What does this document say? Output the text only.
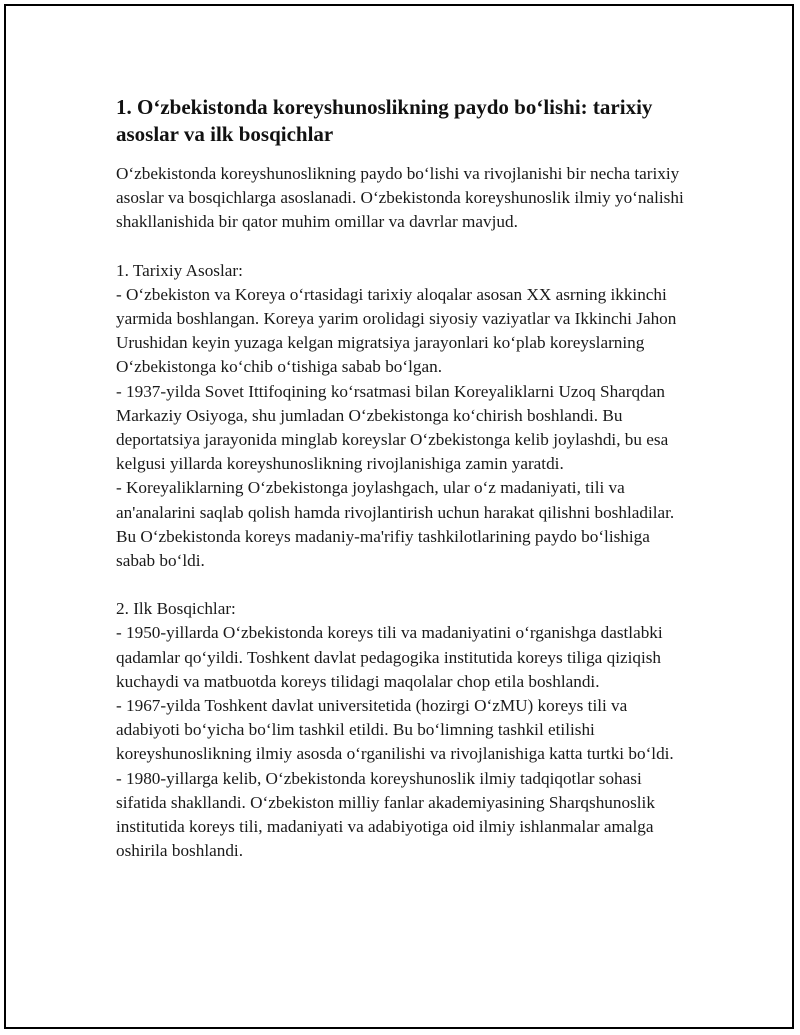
1. O‘zbekistonda koreyshunoslikning paydo bo‘lishi: tarixiy asoslar va ilk bosqichlar

O‘zbekistonda koreyshunoslikning paydo bo‘lishi va rivojlanishi bir necha tarixiy asoslar va bosqichlarga asoslanadi. O‘zbekistonda koreyshunoslik ilmiy yo‘nalishi shakllanishida bir qator muhim omillar va davrlar mavjud.

1. Tarixiy Asoslar:

- O‘zbekiston va Koreya o‘rtasidagi tarixiy aloqalar asosan XX asrning ikkinchi yarmida boshlangan. Koreya yarim orolidagi siyosiy vaziyatlar va Ikkinchi Jahon Urushidan keyin yuzaga kelgan migratsiya jarayonlari ko‘plab koreyslarning O‘zbekistonga ko‘chib o‘tishiga sabab bo‘lgan.

- 1937-yilda Sovet Ittifoqining ko‘rsatmasi bilan Koreyaliklarni Uzoq Sharqdan Markaziy Osiyoga, shu jumladan O‘zbekistonga ko‘chirish boshlandi. Bu deportatsiya jarayonida minglab koreyslar O‘zbekistonga kelib joylashdi, bu esa kelgusi yillarda koreyshunoslikning rivojlanishiga zamin yaratdi.

- Koreyaliklarning O‘zbekistonga joylashgach, ular o‘z madaniyati, tili va an'analarini saqlab qolish hamda rivojlantirish uchun harakat qilishni boshladilar. Bu O‘zbekistonda koreys madaniy-ma'rifiy tashkilotlarining paydo bo‘lishiga sabab bo‘ldi.

2. Ilk Bosqichlar:

- 1950-yillarda O‘zbekistonda koreys tili va madaniyatini o‘rganishga dastlabki qadamlar qo‘yildi. Toshkent davlat pedagogika institutida koreys tiliga qiziqish kuchaydi va matbuotda koreys tilidagi maqolalar chop etila boshlandi.

- 1967-yilda Toshkent davlat universitetida (hozirgi O‘zMU) koreys tili va adabiyoti bo‘yicha bo‘lim tashkil etildi. Bu bo‘limning tashkil etilishi koreyshunoslikning ilmiy asosda o‘rganilishi va rivojlanishiga katta turtki bo‘ldi.

- 1980-yillarga kelib, O‘zbekistonda koreyshunoslik ilmiy tadqiqotlar sohasi sifatida shakllandi. O‘zbekiston milliy fanlar akademiyasining Sharqshunoslik institutida koreys tili, madaniyati va adabiyotiga oid ilmiy ishlanmalar amalga oshirila boshlandi.
